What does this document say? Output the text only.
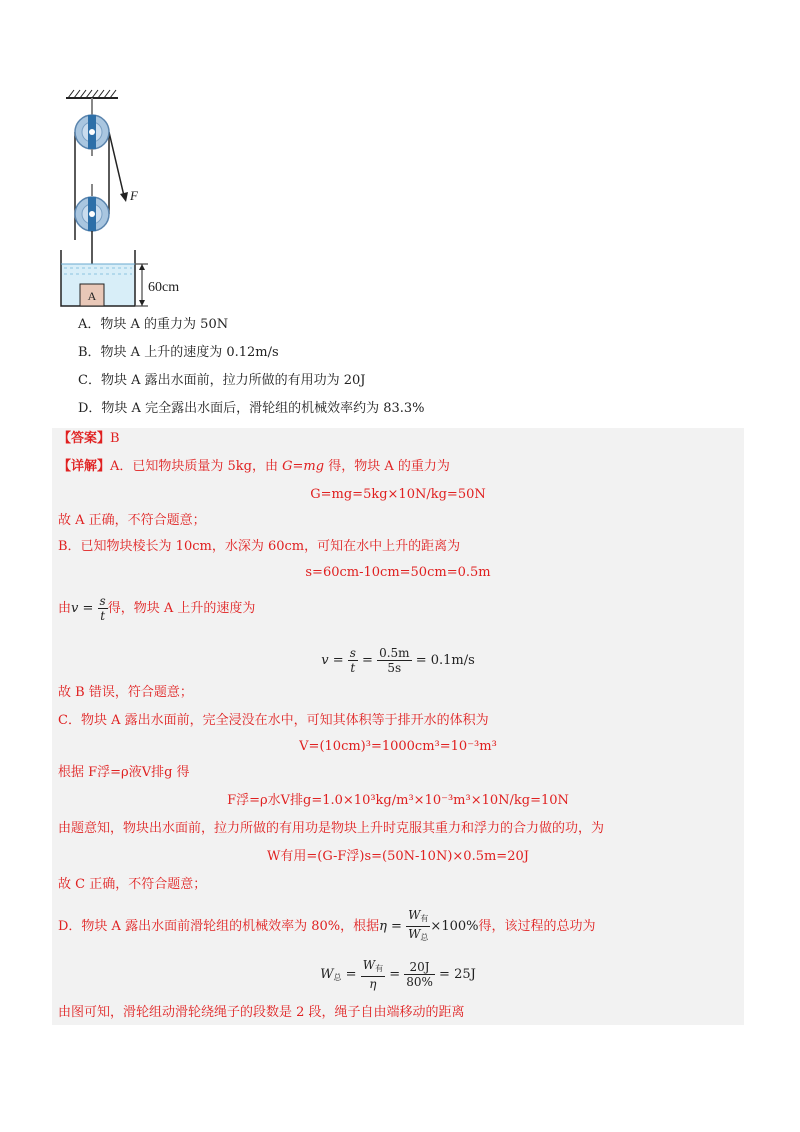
F
A
60cm
A．物块 A 的重力为 50N
B．物块 A 上升的速度为 0.12m/s
C．物块 A 露出水面前，拉力所做的有用功为 20J
D．物块 A 完全露出水面后，滑轮组的机械效率约为 83.3%
【答案】B
【详解】A．已知物块质量为 5kg，由 G=mg 得，物块 A 的重力为
G=mg=5kg×10N/kg=50N
故 A 正确，不符合题意；
B．已知物块棱长为 10cm，水深为 60cm，可知在水中上升的距离为
s=60cm-10cm=50cm=0.5m
由$v = \frac{s}{t}$ 得，物块 A 上升的速度为
$v = \frac{s}{t} = \frac{0.5m}{5s} = 0.1m/s$
故 B 错误，符合题意；
C．物块 A 露出水面前，完全浸没在水中，可知其体积等于排开水的体积为
V=(10cm)³=1000cm³=10⁻³m³
根据 F浮=ρ液V排g 得
F浮=ρ水V排g=1.0×10³kg/m³×10⁻³m³×10N/kg=10N
由题意知，物块出水面前，拉力所做的有用功是物块上升时克服其重力和浮力的合力做的功，为
W有用=(G-F浮)s=(50N-10N)×0.5m=20J
故 C 正确，不符合题意；
D．物块 A 露出水面前滑轮组的机械效率为 80%，根据$\eta = \frac{W_有}{W_总} \times 100\%$得，该过程的总功为
$W_总 = \frac{W_有}{\eta} = \frac{20J}{80\%} = 25J$
由图可知，滑轮组动滑轮绕绳子的段数是 2 段，绳子自由端移动的距离
